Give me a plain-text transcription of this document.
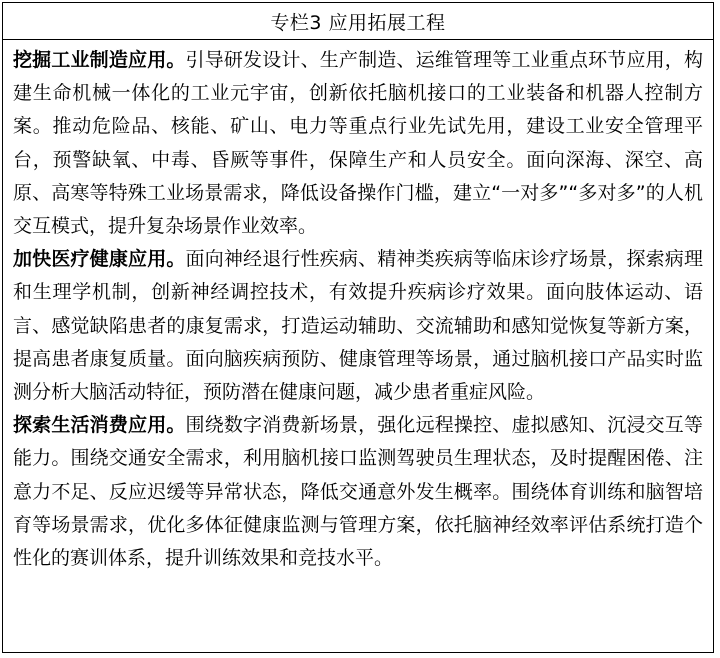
专栏3 应用拓展工程

挖掘工业制造应用。引导研发设计、生产制造、运维管理等工业重点环节应用，构建生命机械一体化的工业元宇宙，创新依托脑机接口的工业装备和机器人控制方案。推动危险品、核能、矿山、电力等重点行业先试先用，建设工业安全管理平台，预警缺氧、中毒、昏厥等事件，保障生产和人员安全。面向深海、深空、高原、高寒等特殊工业场景需求，降低设备操作门槛，建立“一对多”“多对多”的人机交互模式，提升复杂场景作业效率。

加快医疗健康应用。面向神经退行性疾病、精神类疾病等临床诊疗场景，探索病理和生理学机制，创新神经调控技术，有效提升疾病诊疗效果。面向肢体运动、语言、感觉缺陷患者的康复需求，打造运动辅助、交流辅助和感知觉恢复等新方案，提高患者康复质量。面向脑疾病预防、健康管理等场景，通过脑机接口产品实时监测分析大脑活动特征，预防潜在健康问题，减少患者重症风险。

探索生活消费应用。围绕数字消费新场景，强化远程操控、虚拟感知、沉浸交互等能力。围绕交通安全需求，利用脑机接口监测驾驶员生理状态，及时提醒困倦、注意力不足、反应迟缓等异常状态，降低交通意外发生概率。围绕体育训练和脑智培育等场景需求，优化多体征健康监测与管理方案，依托脑神经效率评估系统打造个性化的赛训体系，提升训练效果和竞技水平。
